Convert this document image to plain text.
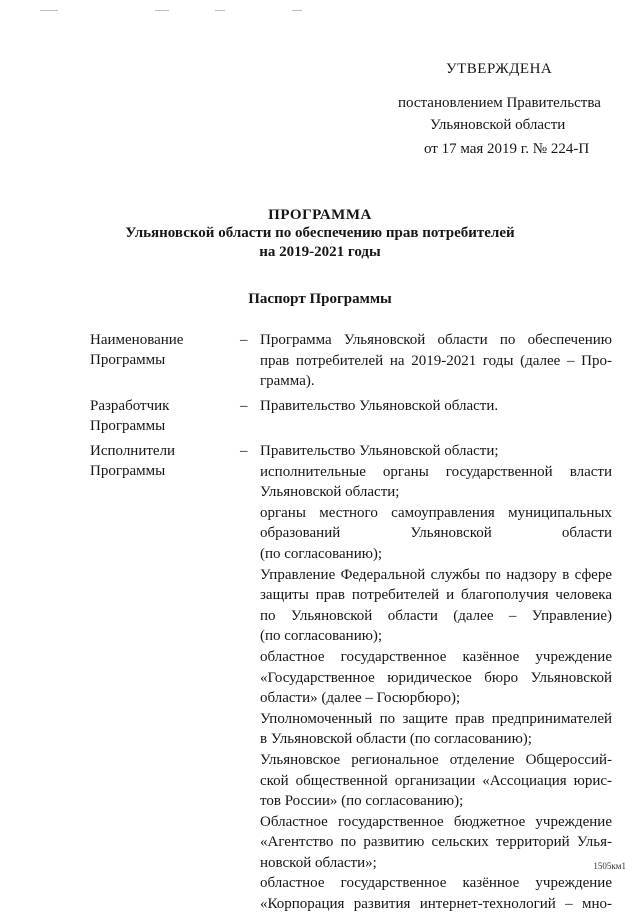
УТВЕРЖДЕНА
постановлением Правительства
Ульяновской области
от 17 мая 2019 г. № 224-П
ПРОГРАММА
Ульяновской области по обеспечению прав потребителей
на 2019-2021 годы
Паспорт Программы
Наименование
Программы
– Программа Ульяновской области по обеспечению
прав потребителей на 2019-2021 годы (далее – Про-
грамма).
Разработчик
Программы
– Правительство Ульяновской области.
Исполнители
Программы
– Правительство Ульяновской области;
исполнительные органы государственной власти
Ульяновской области;
органы местного самоуправления муниципальных
образований Ульяновской области
(по согласованию);
Управление Федеральной службы по надзору в сфере
защиты прав потребителей и благополучия человека
по Ульяновской области (далее – Управление)
(по согласованию);
областное государственное казённое учреждение
«Государственное юридическое бюро Ульяновской
области» (далее – Госюрбюро);
Уполномоченный по защите прав предпринимателей
в Ульяновской области (по согласованию);
Ульяновское региональное отделение Общероссий-
ской общественной организации «Ассоциация юрис-
тов России» (по согласованию);
Областное государственное бюджетное учреждение
«Агентство по развитию сельских территорий Улья-
новской области»;
областное государственное казённое учреждение
«Корпорация развития интернет-технологий – мно-
1505км1
